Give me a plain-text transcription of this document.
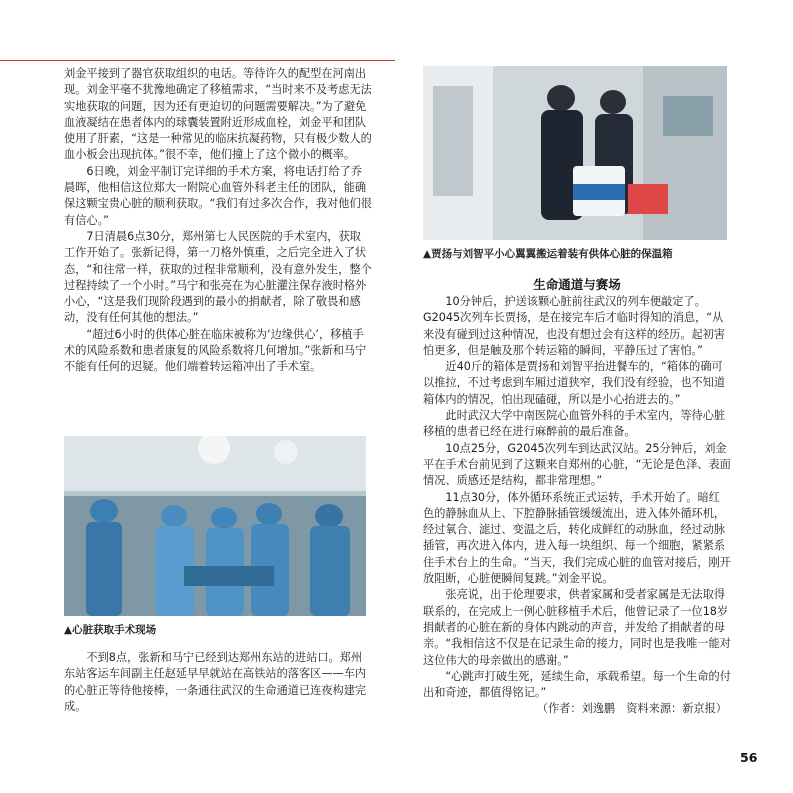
刘金平接到了器官获取组织的电话。等待许久的配型在河南出现。刘金平毫不犹豫地确定了移植需求，“当时来不及考虑无法实地获取的问题，因为还有更迫切的问题需要解决。”为了避免血液凝结在患者体内的球囊装置附近形成血栓，刘金平和团队使用了肝素，“这是一种常见的临床抗凝药物，只有极少数人的血小板会出现抗体。”很不幸，他们撞上了这个微小的概率。

6日晚，刘金平制订完详细的手术方案，将电话打给了乔晨晖，他相信这位郑大一附院心血管外科老主任的团队，能确保这颗宝贵心脏的顺利获取。“我们有过多次合作，我对他们很有信心。”

7日清晨6点30分，郑州第七人民医院的手术室内，获取工作开始了。张新记得，第一刀格外慎重，之后完全进入了状态，“和往常一样，获取的过程非常顺利，没有意外发生，整个过程持续了一个小时。”马宁和张亮在为心脏灌注保存液时格外小心，“这是我们现阶段遇到的最小的捐献者，除了敬畏和感动，没有任何其他的想法。”

“超过6小时的供体心脏在临床被称为‘边缘供心’，移植手术的风险系数和患者康复的风险系数将几何增加。”张新和马宁不能有任何的迟疑。他们端着转运箱冲出了手术室。

▲心脏获取手术现场

不到8点，张新和马宁已经到达郑州东站的进站口。郑州东站客运车间副主任赵延早早就站在高铁站的落客区——车内的心脏正等待他接棒，一条通往武汉的生命通道已连夜构建完成。

▲贾扬与刘智平小心翼翼搬运着装有供体心脏的保温箱
生命通道与赛场

10分钟后，护送该颗心脏前往武汉的列车便敲定了。G2045次列车长贾扬，是在接完车后才临时得知的消息，“从来没有碰到过这种情况，也没有想过会有这样的经历。起初害怕更多，但是触及那个转运箱的瞬间，平静压过了害怕。”

近40斤的箱体是贾扬和刘智平抬进餐车的，“箱体的确可以推拉，不过考虑到车厢过道狭窄，我们没有经验，也不知道箱体内的情况，怕出现磕碰，所以是小心抬进去的。”

此时武汉大学中南医院心血管外科的手术室内，等待心脏移植的患者已经在进行麻醉前的最后准备。

10点25分，G2045次列车到达武汉站。25分钟后，刘金平在手术台前见到了这颗来自郑州的心脏，“无论是色泽、表面情况、质感还是结构，都非常理想。”

11点30分，体外循环系统正式运转，手术开始了。暗红色的静脉血从上、下腔静脉插管缓缓流出，进入体外循环机，经过氧合、滤过、变温之后，转化成鲜红的动脉血，经过动脉插管，再次进入体内，进入每一块组织、每一个细胞，紧紧系住手术台上的生命。“当天，我们完成心脏的血管对接后，刚开放阻断，心脏便瞬间复跳。”刘金平说。

张亮说，出于伦理要求，供者家属和受者家属是无法取得联系的，在完成上一例心脏移植手术后，他曾记录了一位18岁捐献者的心脏在新的身体内跳动的声音，并发给了捐献者的母亲。“我相信这不仅是在记录生命的接力，同时也是我唯一能对这位伟大的母亲做出的感谢。”

“心跳声打破生死，延续生命，承载希望。每一个生命的付出和奇迹，都值得铭记。”

（作者：刘逸鹏　资料来源：新京报）

56
